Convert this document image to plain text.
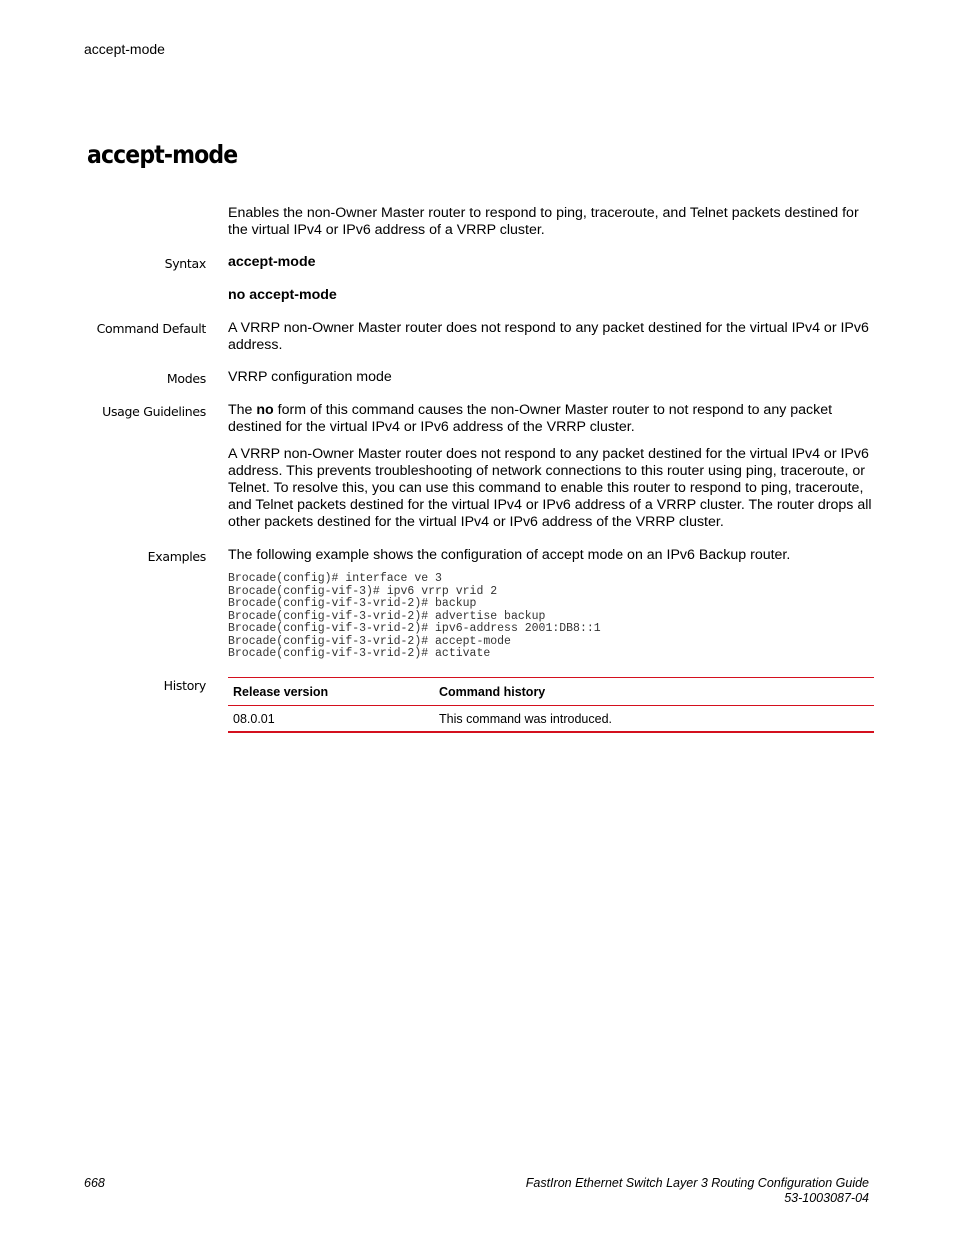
accept-mode
accept-mode

Enables the non-Owner Master router to respond to ping, traceroute, and Telnet packets destined for the virtual IPv4 or IPv6 address of a VRRP cluster.

Syntax accept-mode

no accept-mode

Command Default A VRRP non-Owner Master router does not respond to any packet destined for the virtual IPv4 or IPv6 address.

Modes VRRP configuration mode

Usage Guidelines The no form of this command causes the non-Owner Master router to not respond to any packet destined for the virtual IPv4 or IPv6 address of the VRRP cluster.

A VRRP non-Owner Master router does not respond to any packet destined for the virtual IPv4 or IPv6 address. This prevents troubleshooting of network connections to this router using ping, traceroute, or Telnet. To resolve this, you can use this command to enable this router to respond to ping, traceroute, and Telnet packets destined for the virtual IPv4 or IPv6 address of a VRRP cluster. The router drops all other packets destined for the virtual IPv4 or IPv6 address of the VRRP cluster.

Examples The following example shows the configuration of accept mode on an IPv6 Backup router.

Brocade(config)# interface ve 3
Brocade(config-vif-3)# ipv6 vrrp vrid 2
Brocade(config-vif-3-vrid-2)# backup
Brocade(config-vif-3-vrid-2)# advertise backup
Brocade(config-vif-3-vrid-2)# ipv6-address 2001:DB8::1
Brocade(config-vif-3-vrid-2)# accept-mode
Brocade(config-vif-3-vrid-2)# activate
History Release version	Command history
08.0.01	This command was introduced.
668	FastIron Ethernet Switch Layer 3 Routing Configuration Guide
53-1003087-04
